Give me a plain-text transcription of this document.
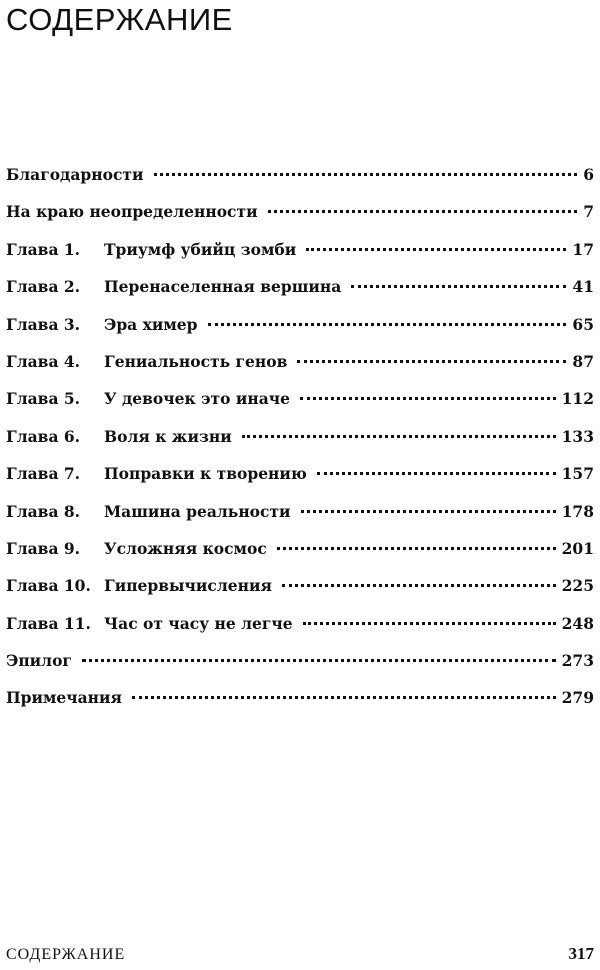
СОДЕРЖАНИЕ
Благодарности	6
На краю неопределенности	7
Глава 1.	Триумф убийц зомби	17
Глава 2.	Перенаселенная вершина	41
Глава 3.	Эра химер	65
Глава 4.	Гениальность генов	87
Глава 5.	У девочек это иначе	112
Глава 6.	Воля к жизни	133
Глава 7.	Поправки к творению	157
Глава 8.	Машина реальности	178
Глава 9.	Усложняя космос	201
Глава 10. Гипервычисления	225
Глава 11. Час от часу не легче	248
Эпилог	273
Примечания	279
СОДЕРЖАНИЕ	317
